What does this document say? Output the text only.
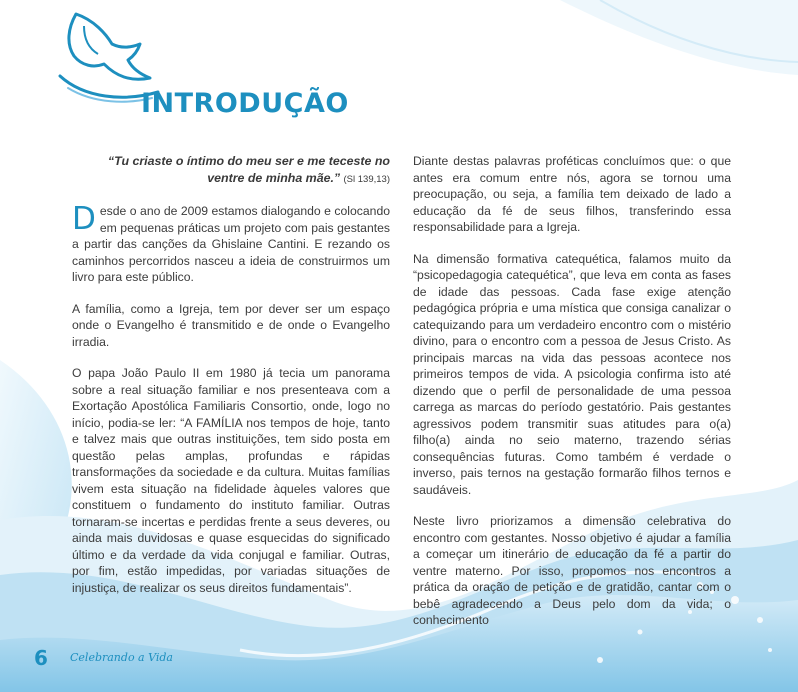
INTRODUÇÃO

“Tu criaste o íntimo do meu ser e me teceste no ventre de minha mãe.” (Sl 139,13)

Desde o ano de 2009 estamos dialogando e colocando em pequenas práticas um projeto com pais gestantes a partir das canções da Ghislaine Cantini. E rezando os caminhos percorridos nasceu a ideia de construirmos um livro para este público.

A família, como a Igreja, tem por dever ser um espaço onde o Evangelho é transmitido e de onde o Evangelho irradia.

O papa João Paulo II em 1980 já tecia um panorama sobre a real situação familiar e nos presenteava com a Exortação Apostólica Familiaris Consortio, onde, logo no início, podia-se ler: “A FAMÍLIA nos tempos de hoje, tanto e talvez mais que outras instituições, tem sido posta em questão pelas amplas, profundas e rápidas transformações da sociedade e da cultura. Muitas famílias vivem esta situação na fidelidade àqueles valores que constituem o fundamento do instituto familiar. Outras tornaram-se incertas e perdidas frente a seus deveres, ou ainda mais duvidosas e quase esquecidas do significado último e da verdade da vida conjugal e familiar. Outras, por fim, estão impedidas, por variadas situações de injustiça, de realizar os seus direitos fundamentais”.

Diante destas palavras proféticas concluímos que: o que antes era comum entre nós, agora se tornou uma preocupação, ou seja, a família tem deixado de lado a educação da fé de seus filhos, transferindo essa responsabilidade para a Igreja.

Na dimensão formativa catequética, falamos muito da “psicopedagogia catequética”, que leva em conta as fases de idade das pessoas. Cada fase exige atenção pedagógica própria e uma mística que consiga canalizar o catequizando para um verdadeiro encontro com o mistério divino, para o encontro com a pessoa de Jesus Cristo. As principais marcas na vida das pessoas acontece nos primeiros tempos de vida. A psicologia confirma isto até dizendo que o perfil de personalidade de uma pessoa carrega as marcas do período gestatório. Pais gestantes agressivos podem transmitir suas atitudes para o(a) filho(a) ainda no seio materno, trazendo sérias consequências futuras. Como também é verdade o inverso, pais ternos na gestação formarão filhos ternos e saudáveis.

Neste livro priorizamos a dimensão celebrativa do encontro com gestantes. Nosso objetivo é ajudar a família a começar um itinerário de educação da fé a partir do ventre materno. Por isso, propomos nos encontros a prática da oração de petição e de gratidão, cantar com o bebê agradecendo a Deus pelo dom da vida; o conhecimento

6 Celebrando a Vida
